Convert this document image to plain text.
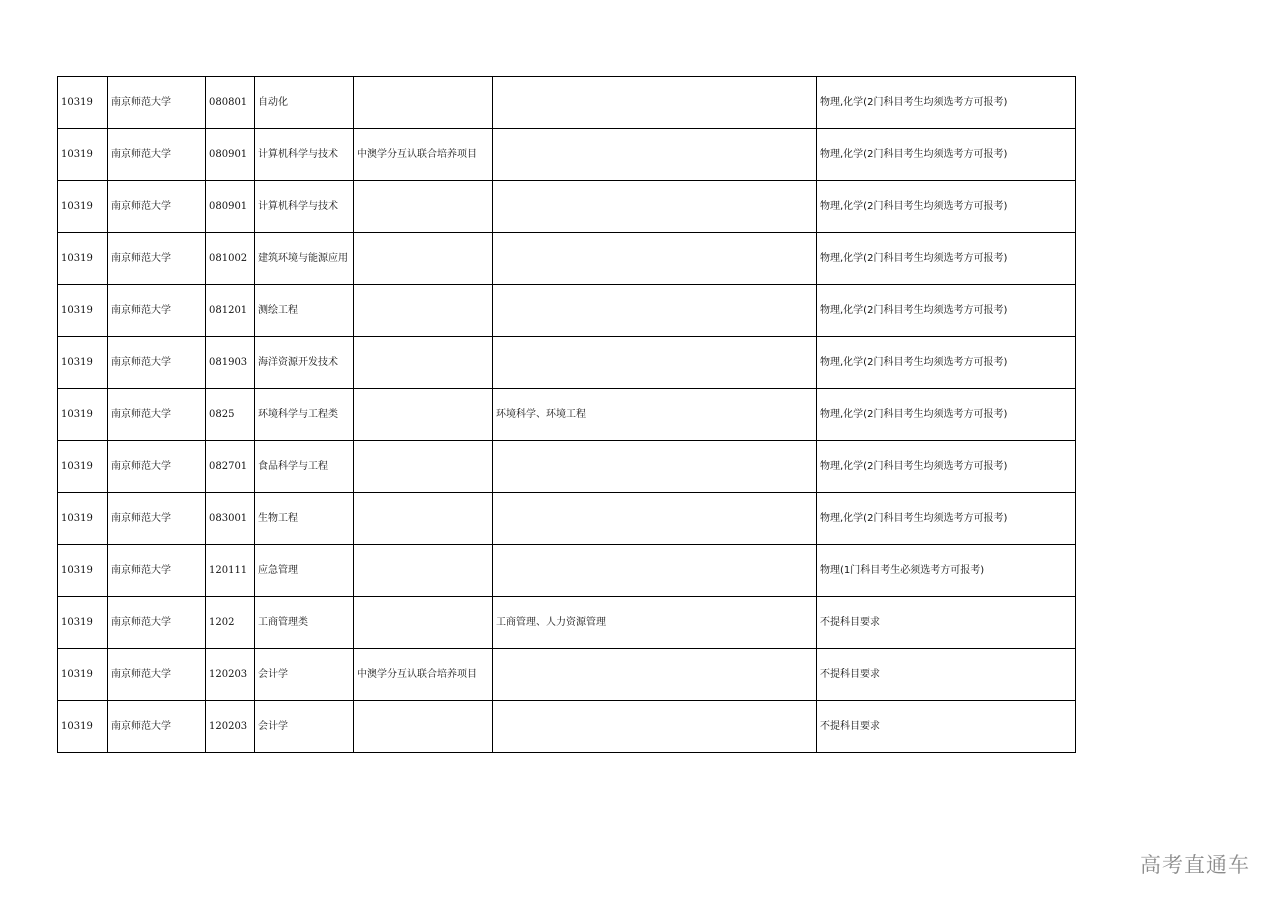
10319	南京师范大学	080801	自动化			物理,化学(2门科目考生均须选考方可报考)
10319	南京师范大学	080901	计算机科学与技术	中澳学分互认联合培养项目		物理,化学(2门科目考生均须选考方可报考)
10319	南京师范大学	080901	计算机科学与技术			物理,化学(2门科目考生均须选考方可报考)
10319	南京师范大学	081002	建筑环境与能源应用			物理,化学(2门科目考生均须选考方可报考)
10319	南京师范大学	081201	测绘工程			物理,化学(2门科目考生均须选考方可报考)
10319	南京师范大学	081903	海洋资源开发技术			物理,化学(2门科目考生均须选考方可报考)
10319	南京师范大学	0825	环境科学与工程类		环境科学、环境工程	物理,化学(2门科目考生均须选考方可报考)
10319	南京师范大学	082701	食品科学与工程			物理,化学(2门科目考生均须选考方可报考)
10319	南京师范大学	083001	生物工程			物理,化学(2门科目考生均须选考方可报考)
10319	南京师范大学	120111	应急管理			物理(1门科目考生必须选考方可报考)
10319	南京师范大学	1202	工商管理类		工商管理、人力资源管理	不提科目要求
10319	南京师范大学	120203	会计学	中澳学分互认联合培养项目		不提科目要求
10319	南京师范大学	120203	会计学			不提科目要求
高考直通车
